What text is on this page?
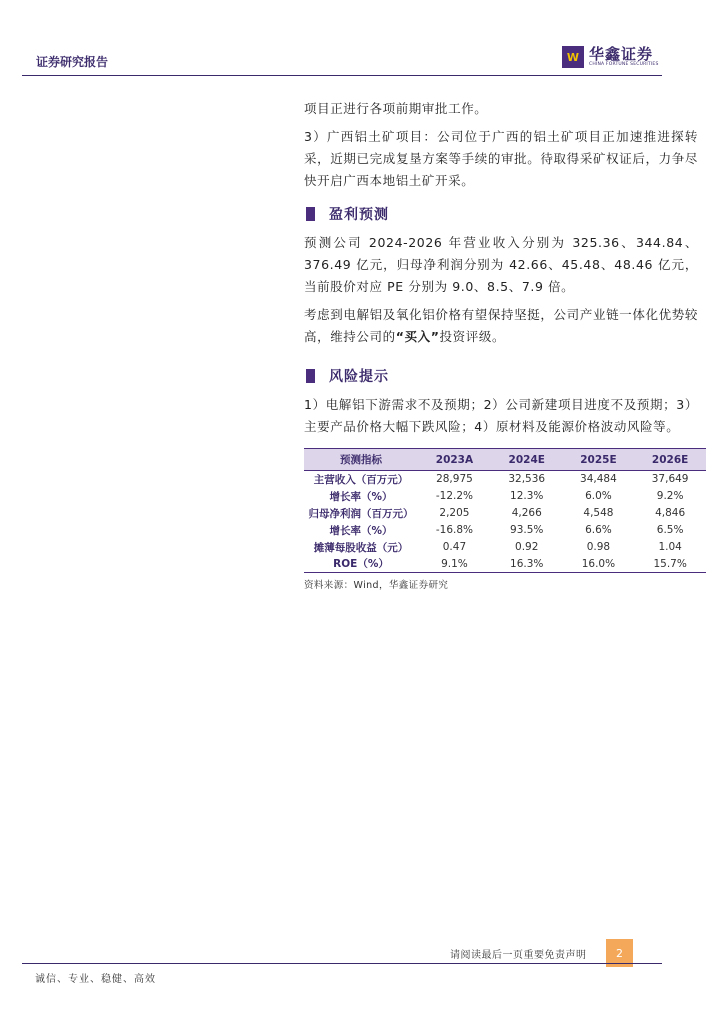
证券研究报告	W 华鑫证券
CHINA FORTUNE SECURITIES

项目正进行各项前期审批工作。

3）广西铝土矿项目：公司位于广西的铝土矿项目正加速推进探转采，近期已完成复垦方案等手续的审批。待取得采矿权证后，力争尽快开启广西本地铝土矿开采。

盈利预测

预测公司 2024-2026 年营业收入分别为 325.36、344.84、376.49 亿元，归母净利润分别为 42.66、45.48、48.46 亿元，当前股价对应 PE 分别为 9.0、8.5、7.9 倍。

考虑到电解铝及氧化铝价格有望保持坚挺，公司产业链一体化优势较高，维持公司的“买入”投资评级。

风险提示

1）电解铝下游需求不及预期；2）公司新建项目进度不及预期；3）主要产品价格大幅下跌风险；4）原材料及能源价格波动风险等。

预测指标	2023A	2024E	2025E	2026E
主营收入（百万元）	28,975	32,536	34,484	37,649
增长率（%）	-12.2%	12.3%	6.0%	9.2%
归母净利润（百万元）	2,205	4,266	4,548	4,846
增长率（%）	-16.8%	93.5%	6.6%	6.5%
摊薄每股收益（元）	0.47	0.92	0.98	1.04
ROE（%）	9.1%	16.3%	16.0%	15.7%
资料来源：Wind，华鑫证券研究
请阅读最后一页重要免责声明	2
诚信、专业、稳健、高效
